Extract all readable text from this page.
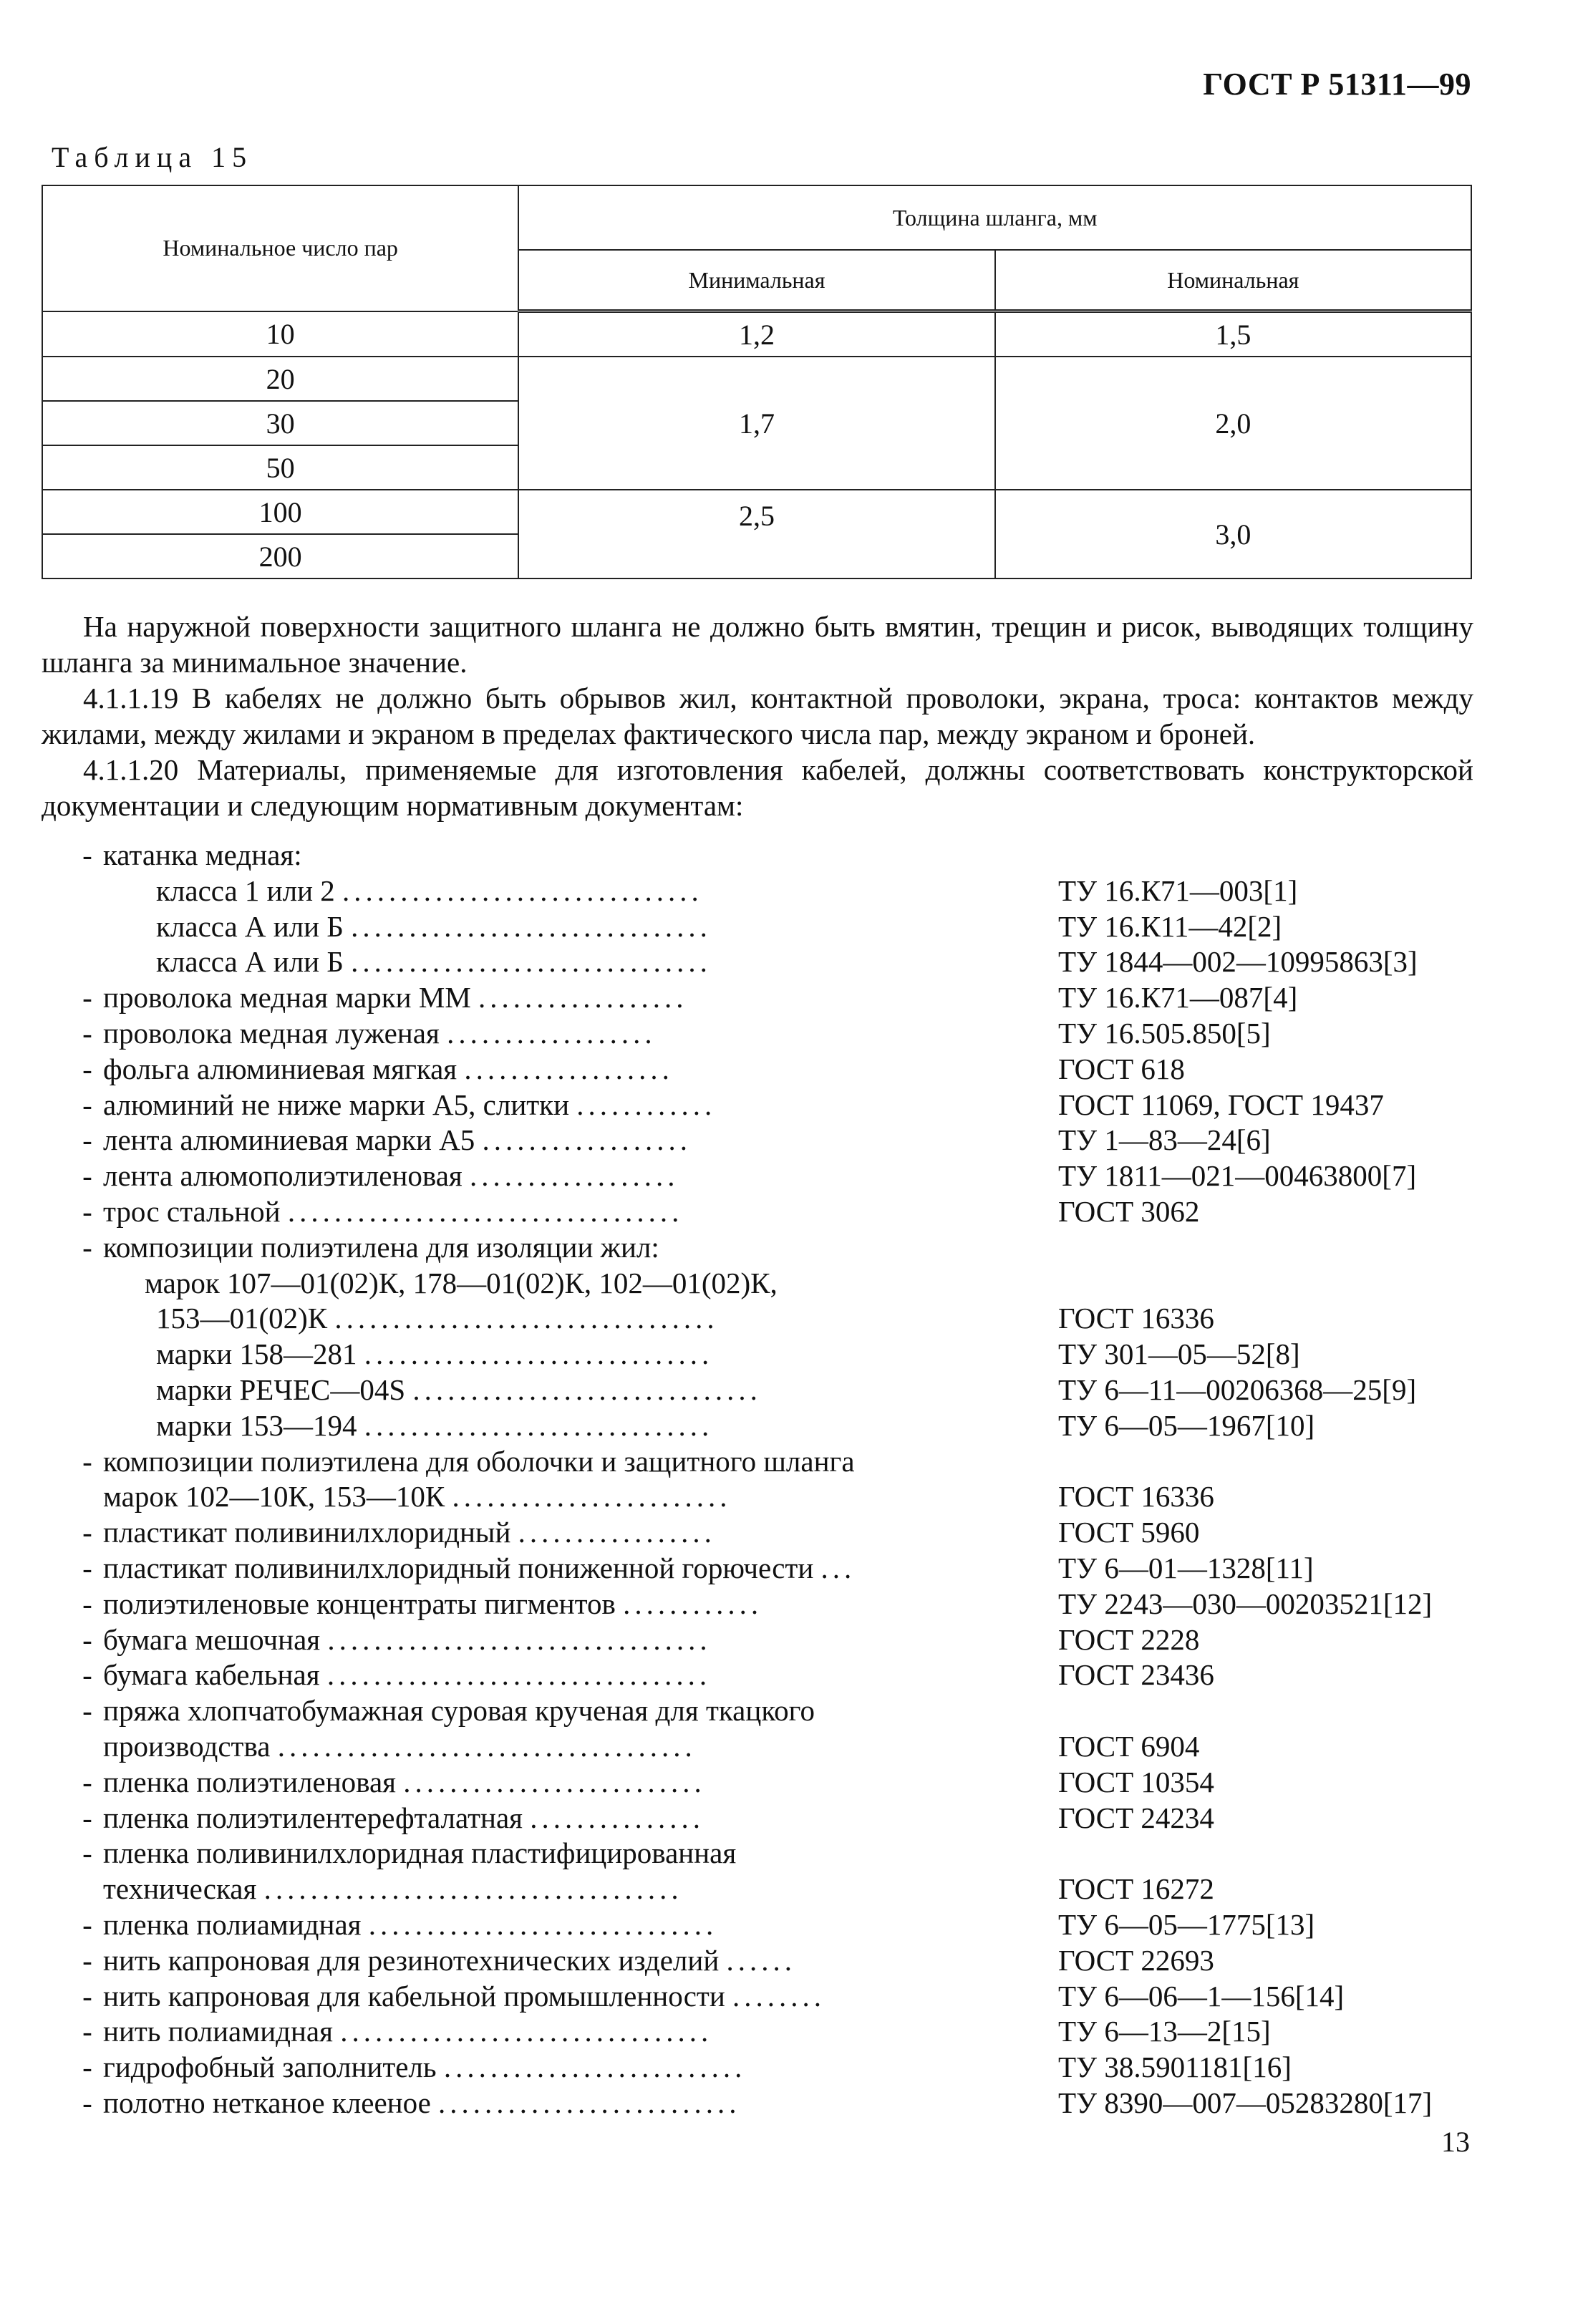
ГОСТ Р 51311—99
Таблица 15
Номинальное число пар	Толщина шланга, мм	
	Минимальная	Номинальная
10	1,2	1,5
20	1,7	2,0
30		
50		
100	2,5	3,0
200		

На наружной поверхности защитного шланга не должно быть вмятин, трещин и рисок, выводящих толщину шланга за минимальное значение.

4.1.1.19 В кабелях не должно быть обрывов жил, контактной проволоки, экрана, троса: контактов между жилами, между жилами и экраном в пределах фактического числа пар, между экраном и броней.

4.1.1.20 Материалы, применяемые для изготовления кабелей, должны соответствовать конструкторской документации и следующим нормативным документам:

- катанка медная:
класса 1 или 2 ...............................	ТУ 16.К71—003[1]
класса А или Б ...............................	ТУ 16.К11—42[2]
класса А или Б ...............................	ТУ 1844—002—10995863[3]
- проволока медная марки ММ ..................	ТУ 16.К71—087[4]
- проволока медная луженая ..................	ТУ 16.505.850[5]
- фольга алюминиевая мягкая ..................	ГОСТ 618
- алюминий не ниже марки А5, слитки ............	ГОСТ 11069, ГОСТ 19437
- лента алюминиевая марки А5 ..................	ТУ 1—83—24[6]
- лента алюмополиэтиленовая ..................	ТУ 1811—021—00463800[7]
- трос стальной ..................................	ГОСТ 3062
- композиции полиэтилена для изоляции жил:
марок 107—01(02)К, 178—01(02)К, 102—01(02)К,
153—01(02)К .................................	ГОСТ 16336
марки 158—281 ..............................	ТУ 301—05—52[8]
марки РЕЧЕС—04S ..............................	ТУ 6—11—00206368—25[9]
марки 153—194 ..............................	ТУ 6—05—1967[10]
- композиции полиэтилена для оболочки и защитного шланга
марок 102—10К, 153—10К ........................	ГОСТ 16336
- пластикат поливинилхлоридный .................	ГОСТ 5960
- пластикат поливинилхлоридный пониженной горючести ...	ТУ 6—01—1328[11]
- полиэтиленовые концентраты пигментов ............	ТУ 2243—030—00203521[12]
- бумага мешочная .................................	ГОСТ 2228
- бумага кабельная .................................	ГОСТ 23436
- пряжа хлопчатобумажная суровая крученая для ткацкого
производства ....................................	ГОСТ 6904
- пленка полиэтиленовая ..........................	ГОСТ 10354
- пленка полиэтилентерефталатная ...............	ГОСТ 24234
- пленка поливинилхлоридная пластифицированная
техническая ....................................	ГОСТ 16272
- пленка полиамидная ..............................	ТУ 6—05—1775[13]
- нить капроновая для резинотехнических изделий ......	ГОСТ 22693
- нить капроновая для кабельной промышленности ........	ТУ 6—06—1—156[14]
- нить полиамидная ................................	ТУ 6—13—2[15]
- гидрофобный заполнитель ..........................	ТУ 38.5901181[16]
- полотно нетканое клееное ..........................	ТУ 8390—007—05283280[17]
13
